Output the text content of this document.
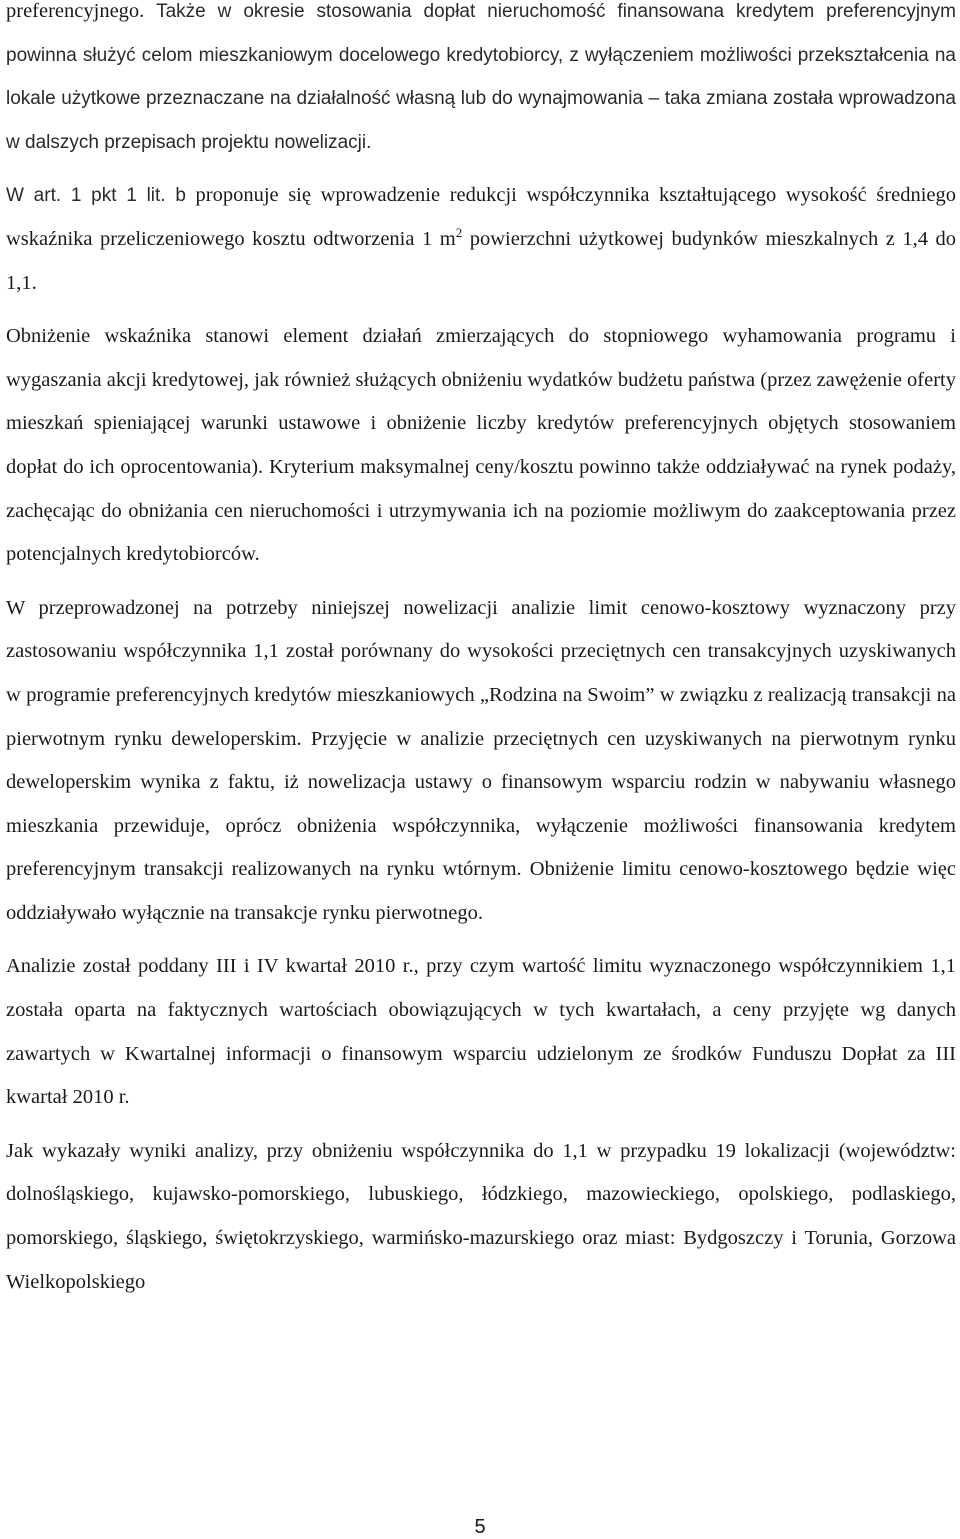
preferencyjnego. Także w okresie stosowania dopłat nieruchomość finansowana kredytem preferencyjnym powinna służyć celom mieszkaniowym docelowego kredytobiorcy, z wyłączeniem możliwości przekształcenia na lokale użytkowe przeznaczane na działalność własną lub do wynajmowania – taka zmiana została wprowadzona w dalszych przepisach projektu nowelizacji.

W art. 1 pkt 1 lit. b proponuje się wprowadzenie redukcji współczynnika kształtującego wysokość średniego wskaźnika przeliczeniowego kosztu odtworzenia 1 $m^2$ powierzchni użytkowej budynków mieszkalnych z 1,4 do 1,1.

Obniżenie wskaźnika stanowi element działań zmierzających do stopniowego wyhamowania programu i wygaszania akcji kredytowej, jak również służących obniżeniu wydatków budżetu państwa (przez zawężenie oferty mieszkań spieniającej warunki ustawowe i obniżenie liczby kredytów preferencyjnych objętych stosowaniem dopłat do ich oprocentowania). Kryterium maksymalnej ceny/kosztu powinno także oddziaływać na rynek podaży, zachęcając do obniżania cen nieruchomości i utrzymywania ich na poziomie możliwym do zaakceptowania przez potencjalnych kredytobiorców.

W przeprowadzonej na potrzeby niniejszej nowelizacji analizie limit cenowo-kosztowy wyznaczony przy zastosowaniu współczynnika 1,1 został porównany do wysokości przeciętnych cen transakcyjnych uzyskiwanych w programie preferencyjnych kredytów mieszkaniowych „Rodzina na Swoim” w związku z realizacją transakcji na pierwotnym rynku deweloperskim. Przyjęcie w analizie przeciętnych cen uzyskiwanych na pierwotnym rynku deweloperskim wynika z faktu, iż nowelizacja ustawy o finansowym wsparciu rodzin w nabywaniu własnego mieszkania przewiduje, oprócz obniżenia współczynnika, wyłączenie możliwości finansowania kredytem preferencyjnym transakcji realizowanych na rynku wtórnym. Obniżenie limitu cenowo-kosztowego będzie więc oddziaływało wyłącznie na transakcje rynku pierwotnego.

Analizie został poddany III i IV kwartał 2010 r., przy czym wartość limitu wyznaczonego współczynnikiem 1,1 została oparta na faktycznych wartościach obowiązujących w tych kwartałach, a ceny przyjęte wg danych zawartych w Kwartalnej informacji o finansowym wsparciu udzielonym ze środków Funduszu Dopłat za III kwartał 2010 r.

Jak wykazały wyniki analizy, przy obniżeniu współczynnika do 1,1 w przypadku 19 lokalizacji (województw: dolnośląskiego, kujawsko-pomorskiego, lubuskiego, łódzkiego, mazowieckiego, opolskiego, podlaskiego, pomorskiego, śląskiego, świętokrzyskiego, warmińsko-mazurskiego oraz miast: Bydgoszczy i Torunia, Gorzowa Wielkopolskiego

5
